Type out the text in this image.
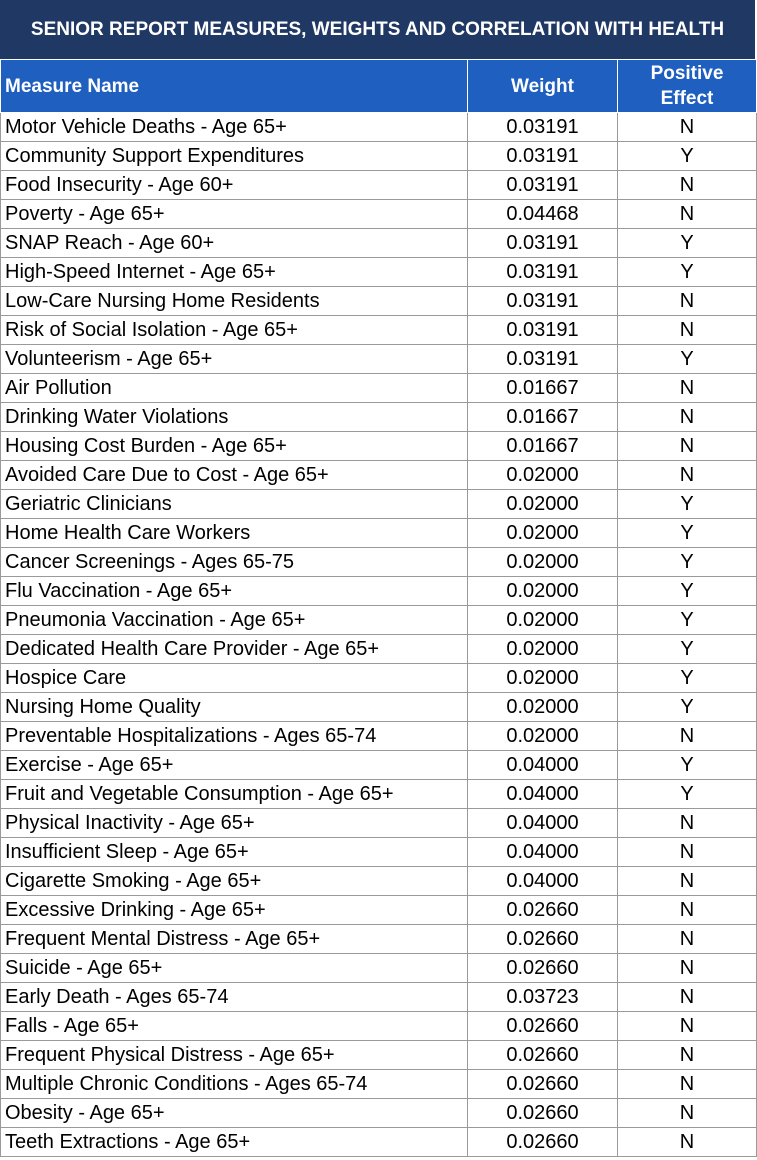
SENIOR REPORT MEASURES, WEIGHTS AND CORRELATION WITH HEALTH
Measure Name	Weight	Positive
Effect

Motor Vehicle Deaths - Age 65+	0.03191	N
Community Support Expenditures	0.03191	Y
Food Insecurity - Age 60+	0.03191	N
Poverty - Age 65+	0.04468	N
SNAP Reach - Age 60+	0.03191	Y
High-Speed Internet - Age 65+	0.03191	Y
Low-Care Nursing Home Residents	0.03191	N
Risk of Social Isolation - Age 65+	0.03191	N
Volunteerism - Age 65+	0.03191	Y
Air Pollution	0.01667	N
Drinking Water Violations	0.01667	N
Housing Cost Burden - Age 65+	0.01667	N
Avoided Care Due to Cost - Age 65+	0.02000	N
Geriatric Clinicians	0.02000	Y
Home Health Care Workers	0.02000	Y
Cancer Screenings - Ages 65-75	0.02000	Y
Flu Vaccination - Age 65+	0.02000	Y
Pneumonia Vaccination - Age 65+	0.02000	Y
Dedicated Health Care Provider - Age 65+	0.02000	Y
Hospice Care	0.02000	Y
Nursing Home Quality	0.02000	Y
Preventable Hospitalizations - Ages 65-74	0.02000	N
Exercise - Age 65+	0.04000	Y
Fruit and Vegetable Consumption - Age 65+	0.04000	Y
Physical Inactivity - Age 65+	0.04000	N
Insufficient Sleep - Age 65+	0.04000	N
Cigarette Smoking - Age 65+	0.04000	N
Excessive Drinking - Age 65+	0.02660	N
Frequent Mental Distress - Age 65+	0.02660	N
Suicide - Age 65+	0.02660	N
Early Death - Ages 65-74	0.03723	N
Falls - Age 65+	0.02660	N
Frequent Physical Distress - Age 65+	0.02660	N
Multiple Chronic Conditions - Ages 65-74	0.02660	N
Obesity - Age 65+	0.02660	N
Teeth Extractions - Age 65+	0.02660	N
